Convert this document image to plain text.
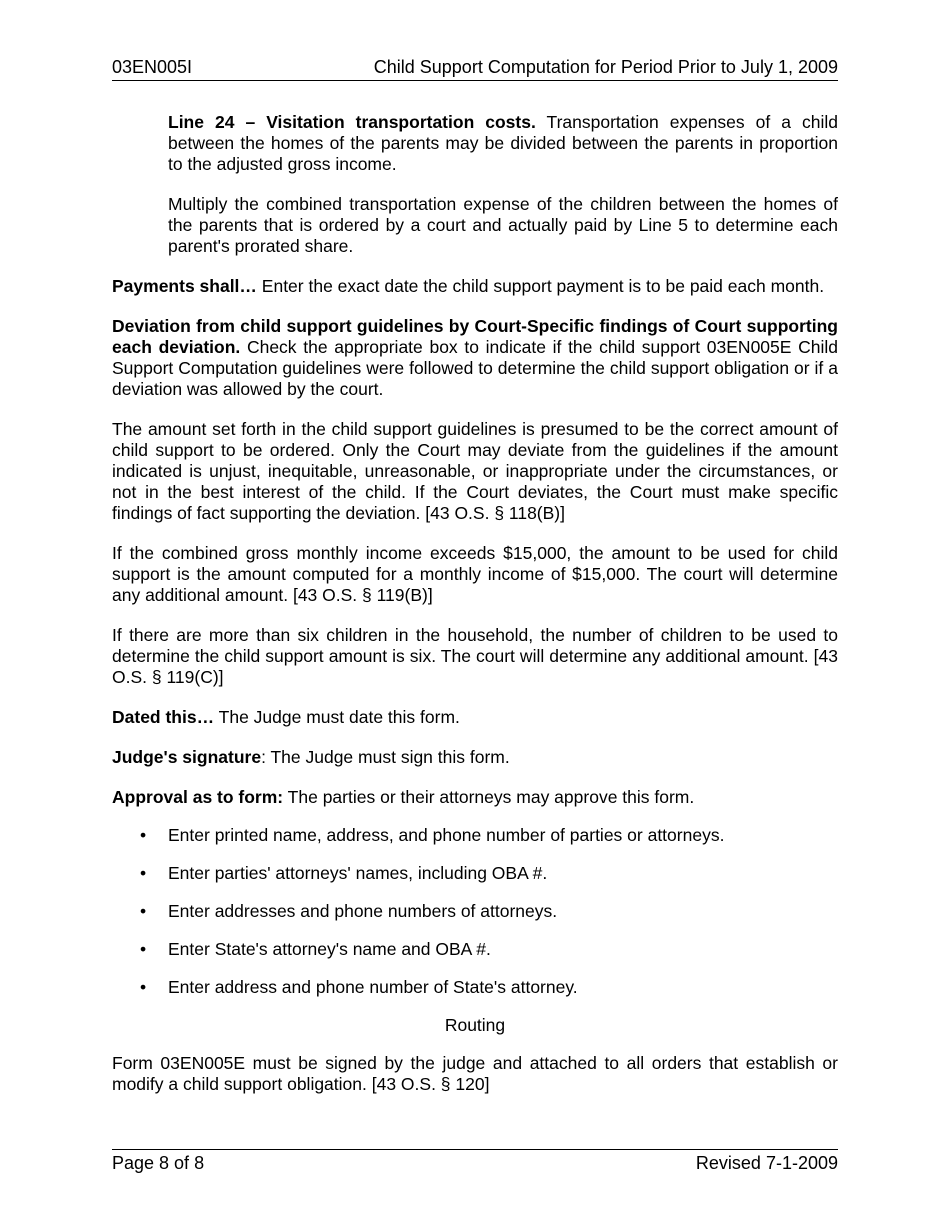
03EN005I	Child Support Computation for Period Prior to July 1, 2009

Line 24 – Visitation transportation costs. Transportation expenses of a child between the homes of the parents may be divided between the parents in proportion to the adjusted gross income.

Multiply the combined transportation expense of the children between the homes of the parents that is ordered by a court and actually paid by Line 5 to determine each parent's prorated share.

Payments shall… Enter the exact date the child support payment is to be paid each month.

Deviation from child support guidelines by Court-Specific findings of Court supporting each deviation. Check the appropriate box to indicate if the child support 03EN005E Child Support Computation guidelines were followed to determine the child support obligation or if a deviation was allowed by the court.

The amount set forth in the child support guidelines is presumed to be the correct amount of child support to be ordered. Only the Court may deviate from the guidelines if the amount indicated is unjust, inequitable, unreasonable, or inappropriate under the circumstances, or not in the best interest of the child. If the Court deviates, the Court must make specific findings of fact supporting the deviation. [43 O.S. § 118(B)]

If the combined gross monthly income exceeds $15,000, the amount to be used for child support is the amount computed for a monthly income of $15,000. The court will determine any additional amount. [43 O.S. § 119(B)]

If there are more than six children in the household, the number of children to be used to determine the child support amount is six. The court will determine any additional amount. [43 O.S. § 119(C)]

Dated this… The Judge must date this form.

Judge's signature: The Judge must sign this form.

Approval as to form: The parties or their attorneys may approve this form.

• Enter printed name, address, and phone number of parties or attorneys.
• Enter parties' attorneys' names, including OBA #.
• Enter addresses and phone numbers of attorneys.
• Enter State's attorney's name and OBA #.
• Enter address and phone number of State's attorney.
Routing

Form 03EN005E must be signed by the judge and attached to all orders that establish or modify a child support obligation. [43 O.S. § 120]

Page 8 of 8	Revised 7-1-2009
